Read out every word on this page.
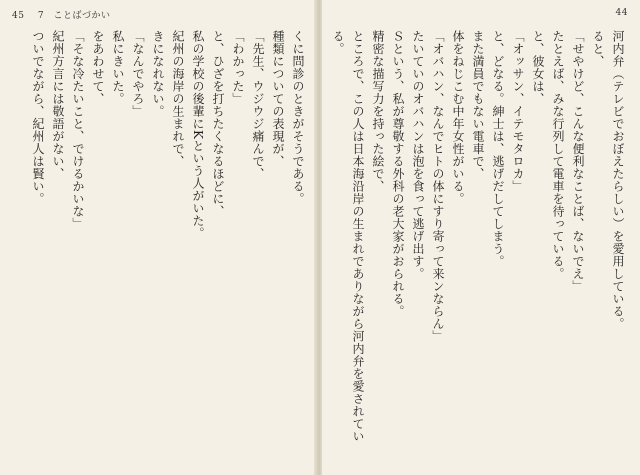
45 7　ことばづかい

くに問診のときがそうである。

種類についての表現が、

「先生、ウジウジ痛んで、

「わかった」

と、ひざを打ちたくなるほどに、

私の学校の後輩にKという人がいた。

紀州の海岸の生まれで、

きになれない。

「なんでやろ」

私にきいた。

をあわせて、

「そな冷たいこと、でけるかいな」

紀州方言には敬語がない、

ついでながら、紀州人は賢い。

44

河内弁（テレビでおぼえたらしい）を愛用している。

ると、

「せやけど、こんな便利なことば、ないでえ」

たとえば、みな行列して電車を待っている。

と、彼女は、

「オッサン、イテモタロカ」

と、どなる。紳士は、逃げだしてしまう。

また満員でもない電車で、

体をねじこむ中年女性がいる。

「オバハン、なんでヒトの体にすり寄って来ンならん」

たいていのオバハンは泡を食って逃げ出す。

Ｓという、私が尊敬する外科の老大家がおられる。

精密な描写力を持った絵で、

ところで、この人は日本海沿岸の生まれでありながら河内弁を愛されている。
